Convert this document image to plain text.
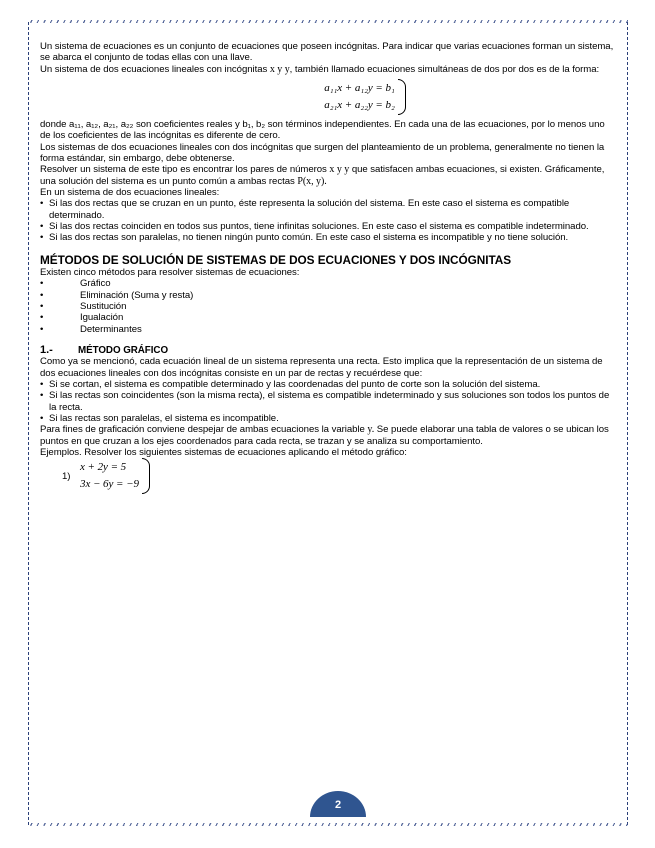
Un sistema de ecuaciones es un conjunto de ecuaciones que poseen incógnitas. Para indicar que varias ecuaciones forman un sistema, se abarca el conjunto de todas ellas con una llave.

Un sistema de dos ecuaciones lineales con incógnitas x y y, también llamado ecuaciones simultáneas de dos por dos es de la forma:

a₁₁x + a₁₂y = b₁
a₂₁x + a₂₂y = b₂

donde a₁₁, a₁₂, a₂₁, a₂₂ son coeficientes reales y b₁, b₂ son términos independientes. En cada una de las ecuaciones, por lo menos uno de los coeficientes de las incógnitas es diferente de cero.

Los sistemas de dos ecuaciones lineales con dos incógnitas que surgen del planteamiento de un problema, generalmente no tienen la forma estándar, sin embargo, debe obtenerse.

Resolver un sistema de este tipo es encontrar los pares de números x y y que satisfacen ambas ecuaciones, si existen. Gráficamente, una solución del sistema es un punto común a ambas rectas P(x, y).

En un sistema de dos ecuaciones lineales:

• Si las dos rectas que se cruzan en un punto, éste representa la solución del sistema. En este caso el sistema es compatible determinado.
• Si las dos rectas coinciden en todos sus puntos, tiene infinitas soluciones. En este caso el sistema es compatible indeterminado.
• Si las dos rectas son paralelas, no tienen ningún punto común. En este caso el sistema es incompatible y no tiene solución.
MÉTODOS DE SOLUCIÓN DE SISTEMAS DE DOS ECUACIONES Y DOS INCÓGNITAS

Existen cinco métodos para resolver sistemas de ecuaciones:

•	Gráfico
•	Eliminación (Suma y resta)
•	Sustitución
•	Igualación
•	Determinantes
1.-	MÉTODO GRÁFICO

Como ya se mencionó, cada ecuación lineal de un sistema representa una recta. Esto implica que la representación de un sistema de dos ecuaciones lineales con dos incógnitas consiste en un par de rectas y recuérdese que:

• Si se cortan, el sistema es compatible determinado y las coordenadas del punto de corte son la solución del sistema.
• Si las rectas son coincidentes (son la misma recta), el sistema es compatible indeterminado y sus soluciones son todos los puntos de la recta.
• Si las rectas son paralelas, el sistema es incompatible.

Para fines de graficación conviene despejar de ambas ecuaciones la variable y. Se puede elaborar una tabla de valores o se ubican los puntos en que cruzan a los ejes coordenados para cada recta, se trazan y se analiza su comportamiento.

Ejemplos. Resolver los siguientes sistemas de ecuaciones aplicando el método gráfico:

1)
x + 2y = 5
3x − 6y = −9
2
